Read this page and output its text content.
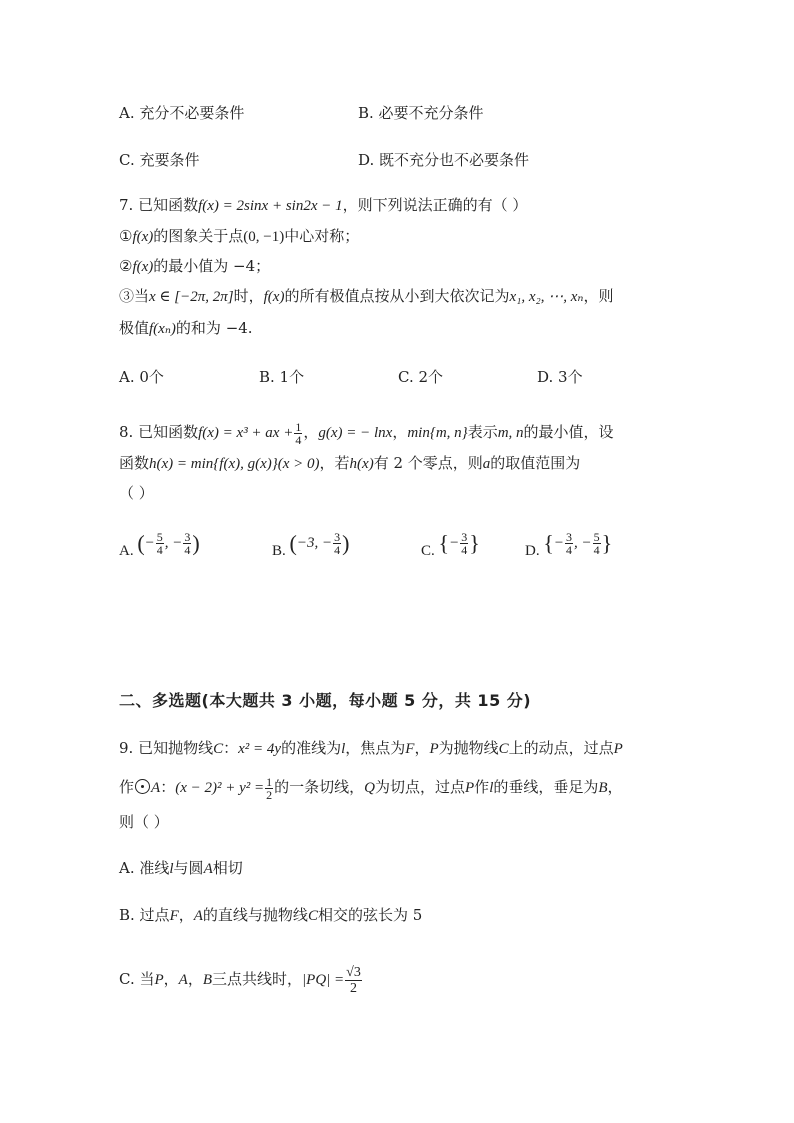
A. 充分不必要条件	B. 必要不充分条件
C. 充要条件	D. 既不充分也不必要条件
7. 已知函数f(x) = 2sinx + sin2x − 1，则下列说法正确的有（ ）
①f(x)的图象关于点(0, −1)中心对称；
②f(x)的最小值为 −4；
③当x ∈ [−2π, 2π]时，f(x)的所有极值点按从小到大依次记为x₁, x₂, ⋯, xₙ，则
极值f(xₙ)的和为 −4.
A. 0个	B. 1个	C. 2个	D. 3个
8. 已知函数f(x) = x³ + ax + $\frac{1}{4}$ ，g(x) = − lnx，min{m, n}表示m, n的最小值，设
函数h(x) = min{f(x), g(x)}(x > 0)，若h(x)有 2 个零点，则a的取值范围为
（ ）
A. (− $\frac{5}{4}$ , − $\frac{3}{4}$ )	B. (−3, − $\frac{3}{4}$ )	C. {− $\frac{3}{4}$ }	D. {− $\frac{3}{4}$ , − $\frac{5}{4}$ }
二、多选题(本大题共 3 小题，每小题 5 分，共 15 分)
9. 已知抛物线C：x² = 4y的准线为l，焦点为F，P为抛物线C上的动点，过点P
作 A：$(x - 2)^2 + y^2 = \frac{1}{2}$ 的一条切线，Q为切点，过点P作l的垂线，垂足为B，
则（ ）
A. 准线l与圆A相切
B. 过点F，A的直线与抛物线C相交的弦长为 5
C. 当P，A，B三点共线时，$|PQ| = \frac{√3}{2}$
